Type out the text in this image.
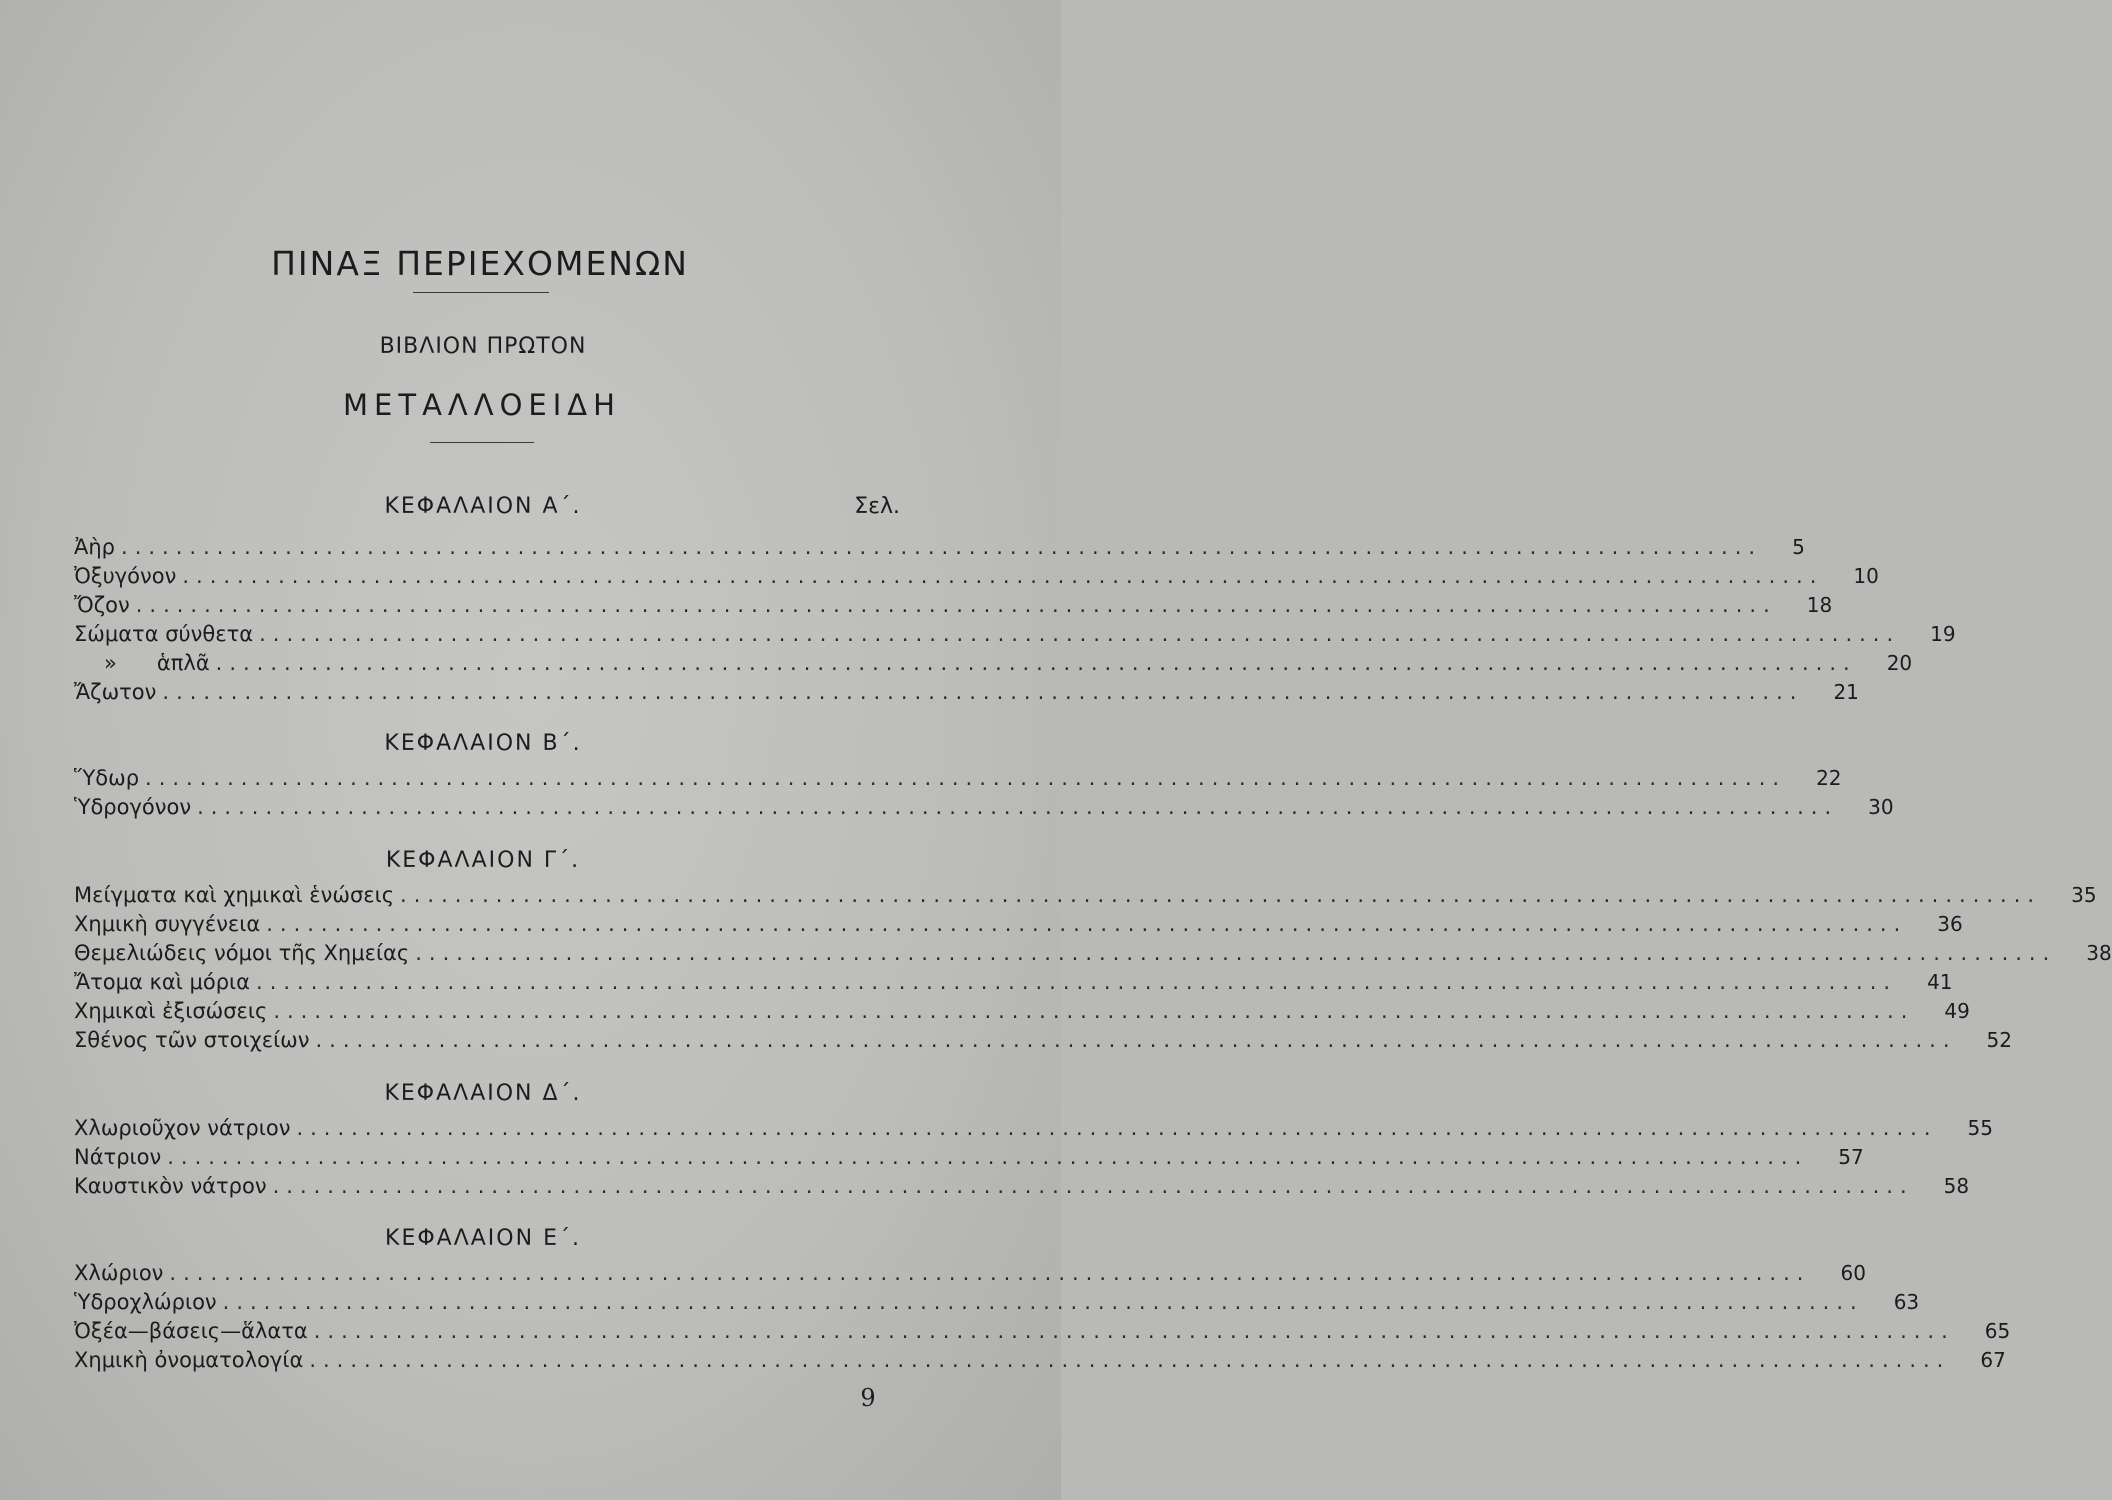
ΠΙΝΑΞ ΠΕΡΙΕΧΟΜΕΝΩΝ
ΒΙΒΛΙΟΝ ΠΡΩΤΟΝ
ΜΕΤΑΛΛΟΕΙΔΗ
Σελ.
ΚΕΦΑΛΑΙΟΝ Α΄.
Ἀὴρ ........................................................................................................................ 5
Ὀξυγόνον ........................................................................................................................ 10
Ὄζον ........................................................................................................................ 18
Σώματα σύνθετα ........................................................................................................................ 19
»      ἁπλᾶ ........................................................................................................................ 20
Ἄζωτον ........................................................................................................................ 21
ΚΕΦΑΛΑΙΟΝ Β΄.
Ὕδωρ ........................................................................................................................ 22
Ὑδρογόνον ........................................................................................................................ 30
ΚΕΦΑΛΑΙΟΝ Γ΄.
Μείγματα καὶ χημικαὶ ἑνώσεις ........................................................................................................................ 35
Χημικὴ συγγένεια ........................................................................................................................ 36
Θεμελιώδεις νόμοι τῆς Χημείας ........................................................................................................................ 38
Ἄτομα καὶ μόρια ........................................................................................................................ 41
Χημικαὶ ἐξισώσεις ........................................................................................................................ 49
Σθένος τῶν στοιχείων ........................................................................................................................ 52
ΚΕΦΑΛΑΙΟΝ Δ΄.
Χλωριοῦχον νάτριον ........................................................................................................................ 55
Νάτριον ........................................................................................................................ 57
Καυστικὸν νάτρον ........................................................................................................................ 58
ΚΕΦΑΛΑΙΟΝ Ε΄.
Χλώριον ........................................................................................................................ 60
Ὑδροχλώριον ........................................................................................................................ 63
Ὀξέα—βάσεις—ἅλατα ........................................................................................................................ 65
Χημικὴ ὀνοματολογία ........................................................................................................................ 67
9
